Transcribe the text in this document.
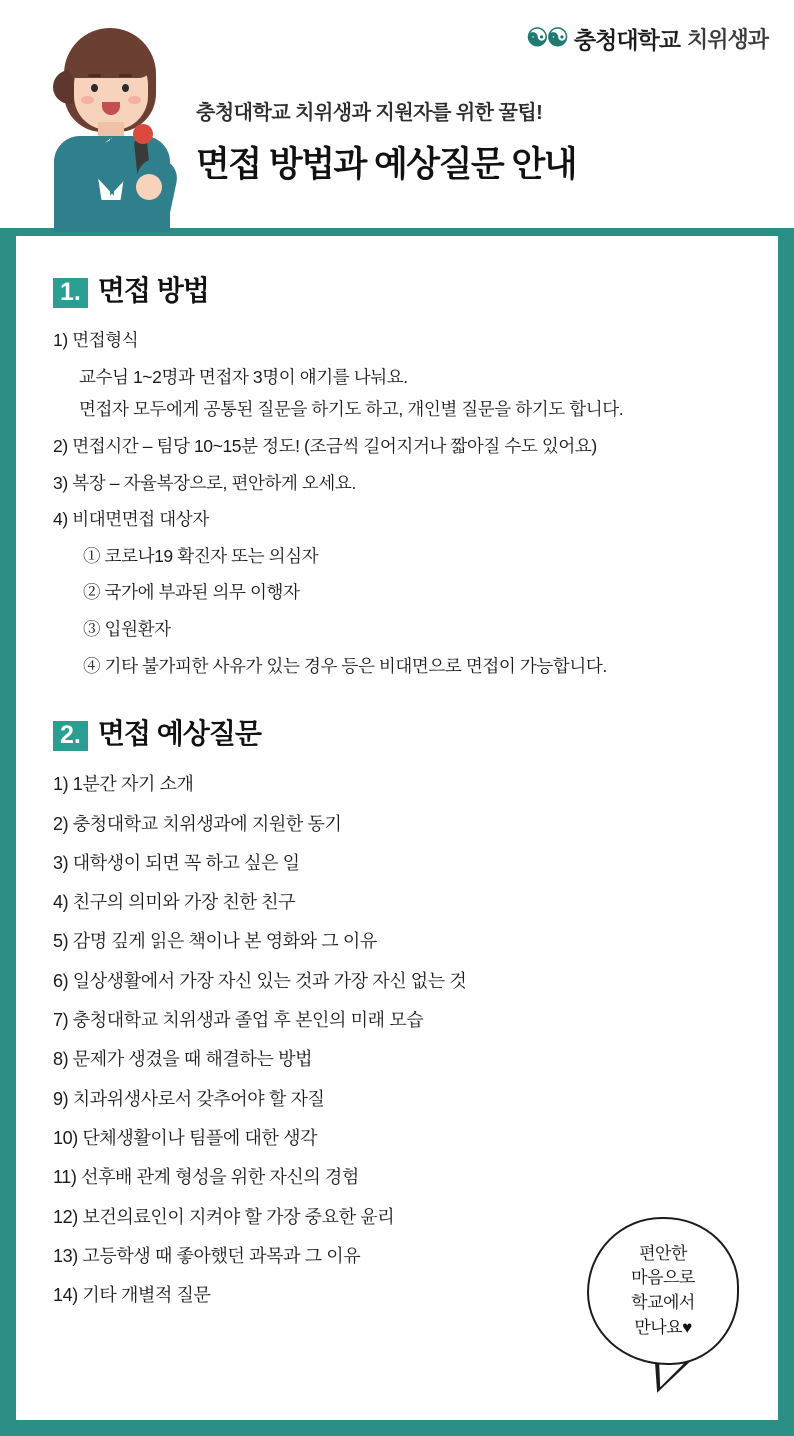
☯☯ 충청대학교 치위생과
충청대학교 치위생과 지원자를 위한 꿀팁!
면접 방법과 예상질문 안내
1. 면접 방법
1) 면접형식
교수님 1~2명과 면접자 3명이 얘기를 나눠요.
면접자 모두에게 공통된 질문을 하기도 하고, 개인별 질문을 하기도 합니다.
2) 면접시간 – 팀당 10~15분 정도! (조금씩 길어지거나 짧아질 수도 있어요)
3) 복장 – 자율복장으로, 편안하게 오세요.
4) 비대면면접 대상자
① 코로나19 확진자 또는 의심자
② 국가에 부과된 의무 이행자
③ 입원환자
④ 기타 불가피한 사유가 있는 경우 등은 비대면으로 면접이 가능합니다.
2. 면접 예상질문
1) 1분간 자기 소개
2) 충청대학교 치위생과에 지원한 동기
3) 대학생이 되면 꼭 하고 싶은 일
4) 친구의 의미와 가장 친한 친구
5) 감명 깊게 읽은 책이나 본 영화와 그 이유
6) 일상생활에서 가장 자신 있는 것과 가장 자신 없는 것
7) 충청대학교 치위생과 졸업 후 본인의 미래 모습
8) 문제가 생겼을 때 해결하는 방법
9) 치과위생사로서 갖추어야 할 자질
10) 단체생활이나 팀플에 대한 생각
11) 선후배 관계 형성을 위한 자신의 경험
12) 보건의료인이 지켜야 할 가장 중요한 윤리
13) 고등학생 때 좋아했던 과목과 그 이유
14) 기타 개별적 질문
편안한
마음으로
학교에서
만나요♥
